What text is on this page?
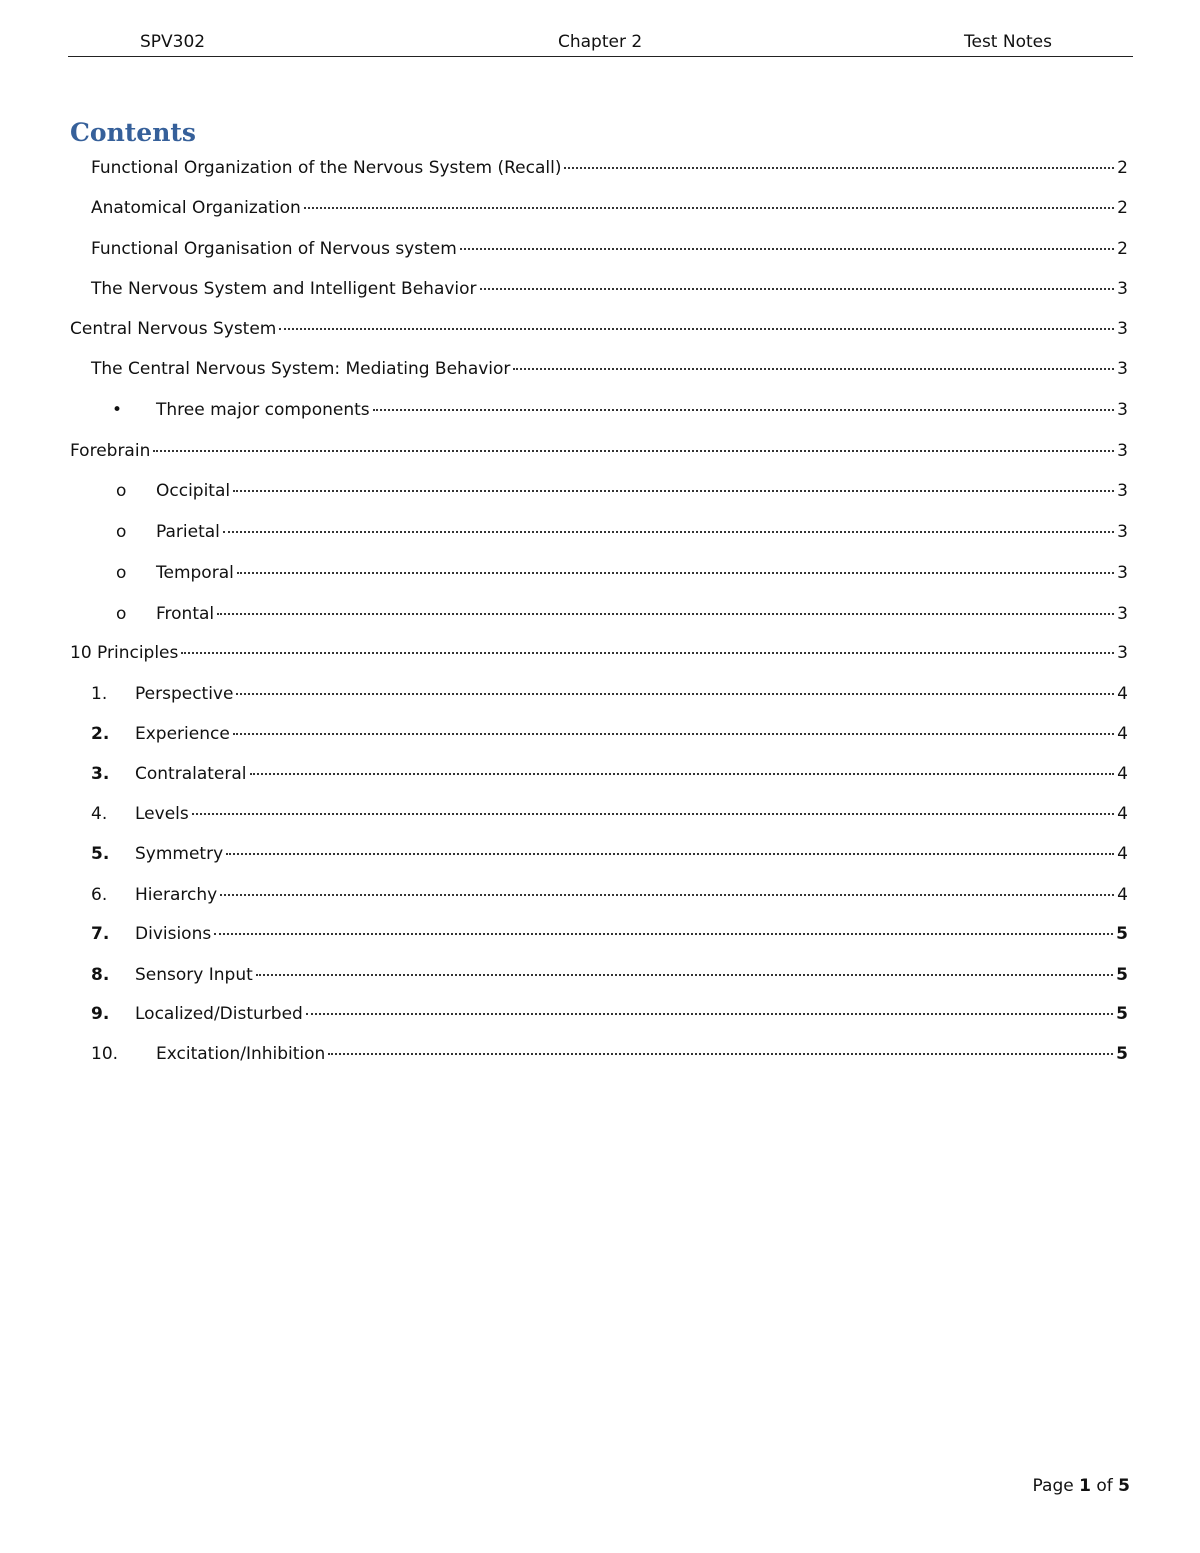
SPV302	Chapter 2	Test Notes
Contents
Functional Organization of the Nervous System (Recall)	2
Anatomical Organization	2
Functional Organisation of Nervous system	2
The Nervous System and Intelligent Behavior	3
Central Nervous System	3
The Central Nervous System: Mediating Behavior	3
•	Three major components	3
Forebrain	3
o	Occipital	3
o	Parietal	3
o	Temporal	3
o	Frontal	3
10 Principles	3
1.	Perspective	4
2.	Experience	4
3.	Contralateral	4
4.	Levels	4
5.	Symmetry	4
6.	Hierarchy	4
7.	Divisions	5
8.	Sensory Input	5
9.	Localized/Disturbed	5
10.	Excitation/Inhibition	5
Page 1 of 5
